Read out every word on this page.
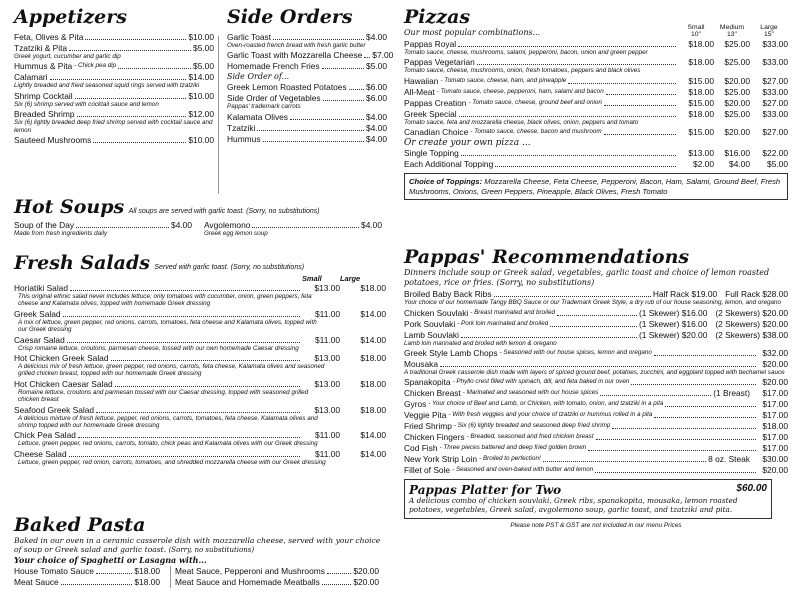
Appetizers
Feta, Olives & Pita	$10.00
Tzatziki & Pita	$5.00
Greek yogurt, cucumber and garlic dip
Hummus & Pita - Chick pea dip	$5.00
Calamari	$14.00
Lightly breaded and fried seasoned squid rings served with tzatziki
Shrimp Cocktail	$10.00
Six (6) shrimp served with cocktail sauce and lemon
Breaded Shrimp	$12.00
Six (6) lightly breaded deep fried shrimp served with cocktail sauce and lemon
Sauteed Mushrooms	$10.00
Side Orders
Garlic Toast	$4.00
Oven-roasted french bread with fresh garlic butter
Garlic Toast with Mozzarella Cheese $7.00
Homemade French Fries	$5.00
Side Order of...
Greek Lemon Roasted Potatoes $6.00
Side Order of Vegetables	$6.00
Pappas' trademark carrots
Kalamata Olives	$4.00
Tzatziki	$4.00
Hummus	$4.00
Hot Soups All soups are served with garlic toast. (Sorry, no substitutions)
Soup of the Day	$4.00
Made from fresh ingredients daily
Avgolemono	$4.00
Greek egg lemon soup
Fresh Salads Served with garlic toast. (Sorry, no substitutions)
Small	Large
Horiatiki Salad	$13.00	$18.00
This original ethnic salad never includes lettuce; only tomatoes with cucumber, onion, green peppers, feta cheese and Kalamata olives, topped with homemade Greek dressing
Greek Salad	$11.00	$14.00
A mix of lettuce, green pepper, red onions, carrots, tomatoes, feta cheese and Kalamata olives, topped with our Greek dressing
Caesar Salad	$11.00	$14.00
Crisp romaine lettuce, croutons, parmesan cheese, tossed with our own homemade Caesar dressing
Hot Chicken Greek Salad	$13.00	$18.00
A delicious mix of fresh lettuce, green pepper, red onions, carrots, feta cheese, Kalamata olives and seasoned grilled chicken breast, topped with our homemade Greek dressing
Hot Chicken Caesar Salad	$13.00	$18.00
Romaine lettuce, croutons and parmesan tossed with our Caesar dressing, topped with seasoned grilled chicken breast
Seafood Greek Salad	$13.00	$18.00
A delicious mixture of fresh lettuce, pepper, red onions, carrots, tomatoes, feta cheese, Kalamata olives and shrimp topped with our homemade Greek dressing
Chick Pea Salad	$11.00	$14.00
Lettuce, green pepper, red onions, carrots, tomato, chick peas and Kalamata olives with our Greek dressing
Cheese Salad	$11.00	$14.00
Lettuce, green pepper, red onion, carrots, tomatoes, and shredded mozzarella cheese with our Greek dressing
Baked Pasta
Baked in our oven in a ceramic casserole dish with mozzarella cheese, served with your choice of soup or Greek salad and garlic toast. (Sorry, no substitutions)
Your choice of Spaghetti or Lasagna with...
House Tomato Sauce	$18.00
Meat Sauce	$18.00
Meat Sauce, Pepperoni and Mushrooms	$20.00
Meat Sauce and Homemade Meatballs	$20.00
Pizzas
Our most popular combinations...
Small
10"
Medium
13"
Large
15"
Pappas Royal	$18.00	$25.00	$33.00
Tomato sauce, cheese, mushrooms, salami, pepperoni, bacon, onion and green pepper
Pappas Vegetarian	$18.00	$25.00	$33.00
Tomato sauce, cheese, mushrooms, onion, fresh tomatoes, peppers and black olives
Hawaiian - Tomato sauce, cheese, ham, and pineapple	$15.00	$20.00	$27.00
All-Meat - Tomato sauce, cheese, pepperoni, ham, salami and bacon	$18.00	$25.00	$33.00
Pappas Creation - Tomato sauce, cheese, ground beef and onion	$15.00	$20.00	$27.00
Greek Special	$18.00	$25.00	$33.00
Tomato sauce, feta and mozzarella cheese, black olives, onion, peppers and tomato
Canadian Choice - Tomato sauce, cheese, bacon and mushroom	$15.00	$20.00	$27.00
Or create your own pizza ...
Single Topping	$13.00	$16.00	$22.00
Each Additional Topping	$2.00	$4.00	$5.00
Choice of Toppings: Mozzarella Cheese, Feta Cheese, Pepperoni, Bacon, Ham, Salami, Ground Beef, Fresh Mushrooms, Onions, Green Peppers, Pineapple, Black Olives, Fresh Tomato
Pappas' Recommendations
Dinners include soup or Greek salad, vegetables, garlic toast and choice of lemon roasted potatoes, rice or fries. (Sorry, no substitutions)
Broiled Baby Back Ribs	Half Rack $19.00 Full Rack $28.00
Your choice of our homemade Tangy BBQ Sauce or our Trademark Greek Style, a dry rub of our house seasoning, lemon, and oregano
Chicken Souvlaki - Breast marinated and broiled	(1 Skewer) $16.00 (2 Skewers) $20.00
Pork Souvlaki - Pork loin marinated and broiled	(1 Skewer) $16.00 (2 Skewers) $20.00
Lamb Souvlaki	(1 Skewer) $20.00 (2 Skewers) $38.00
Lamb loin marinated and broiled with lemon & oregano
Greek Style Lamb Chops - Seasoned with our house spices, lemon and oregano	$32.00
Mousaka	$20.00
A traditional Greek casserole dish made with layers of spiced ground beef, potatoes, zucchini, and eggplant topped with bechamel sauce
Spanakopita - Phyllo crest filled with spinach, dill, and feta baked in our oven	$20.00
Chicken Breast - Marinated and seasoned with our house spices	(1 Breast)	$17.00
Gyros - Your choice of Beef and Lamb, or Chicken, with tomato, onion, and tzatziki in a pita	$17.00
Veggie Pita - With fresh veggies and your choice of tzatziki or hummus rolled in a pita	$17.00
Fried Shrimp - Six (6) lightly breaded and seasoned deep fried shrimp	$18.00
Chicken Fingers - Breaded, seasoned and fried chicken breast	$17.00
Cod Fish - Three pieces battered and deep fried golden brown	$17.00
New York Strip Loin - Broiled to perfection!	8 oz. Steak	$30.00
Fillet of Sole - Seasoned and oven-baked with butter and lemon	$20.00
Pappas Platter for Two	$60.00
A delicious combo of chicken souvlaki, Greek ribs, spanakopita, mousaka, lemon roasted potatoes, vegetables, Greek salad, avgolemono soup, garlic toast, and tzatziki and pita.
Please note PST & GST are not included in our menu Prices
